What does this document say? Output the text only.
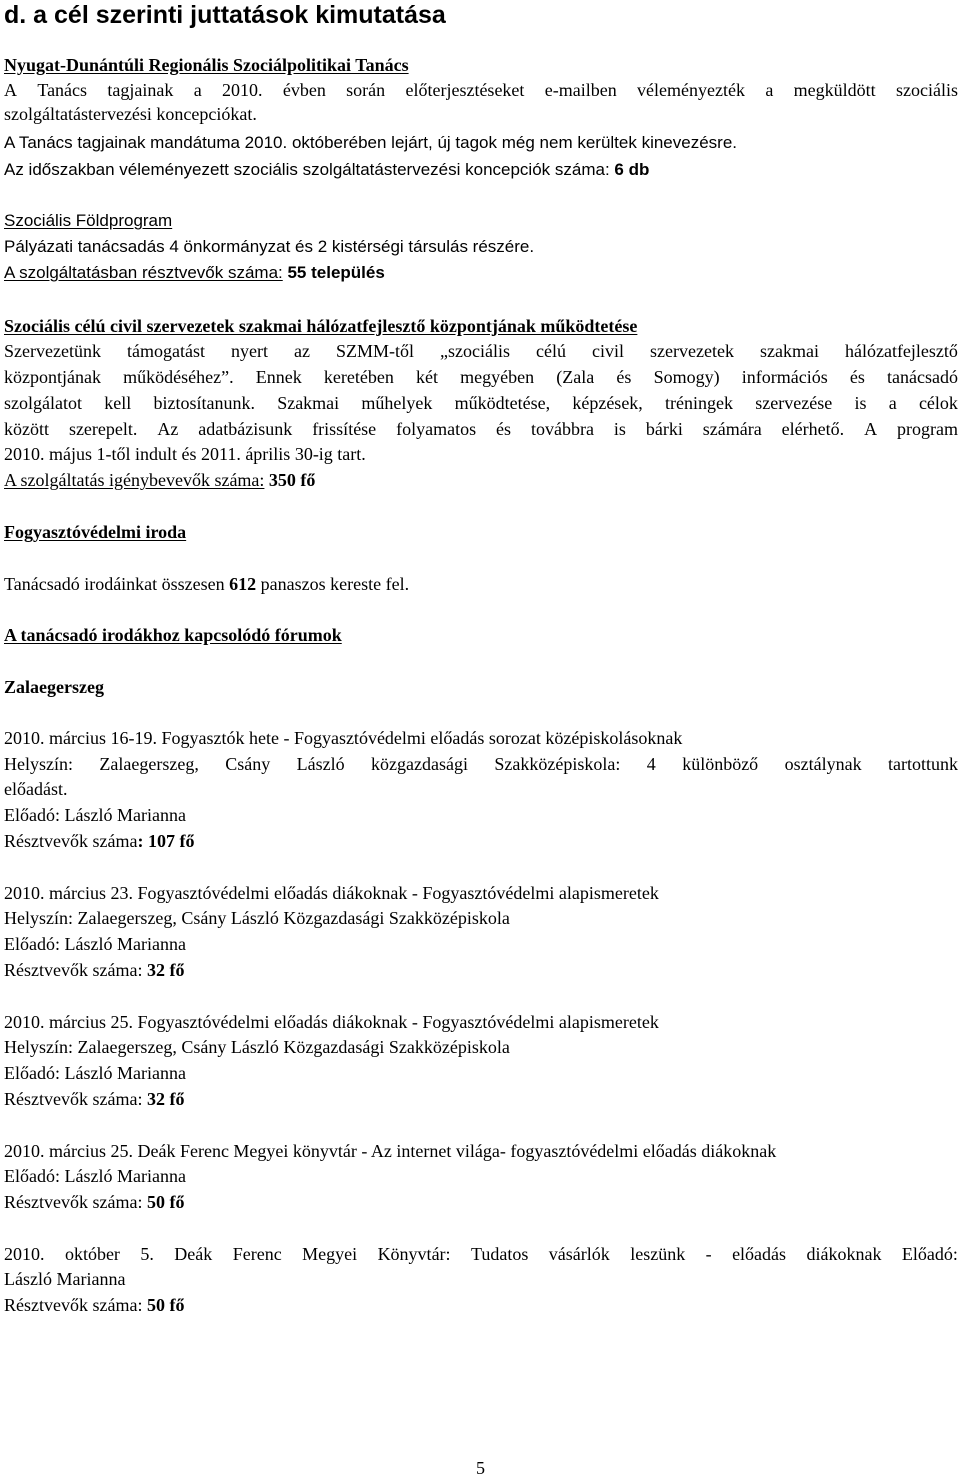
d. a cél szerinti juttatások kimutatása
Nyugat-Dunántúli Regionális Szociálpolitikai Tanács
A Tanács tagjainak a 2010. évben során előterjesztéseket e-mailben véleményezték a megküldött szociális
szolgáltatástervezési koncepciókat.
A Tanács tagjainak mandátuma 2010. októberében lejárt, új tagok még nem kerültek kinevezésre.
Az időszakban véleményezett szociális szolgáltatástervezési koncepciók száma: 6 db
Szociális Földprogram
Pályázati tanácsadás 4 önkormányzat és 2 kistérségi társulás részére.
A szolgáltatásban résztvevők száma: 55 település
Szociális célú civil szervezetek szakmai hálózatfejlesztő központjának működtetése
Szervezetünk támogatást nyert az SZMM-től „szociális célú civil szervezetek szakmai hálózatfejlesztő
központjának működéséhez”. Ennek keretében két megyében (Zala és Somogy) információs és tanácsadó
szolgálatot kell biztosítanunk. Szakmai műhelyek működtetése, képzések, tréningek szervezése is a célok
között szerepelt. Az adatbázisunk frissítése folyamatos és továbbra is bárki számára elérhető. A program
2010. május 1-től indult és 2011. április 30-ig tart.
A szolgáltatás igénybevevők száma: 350 fő
Fogyasztóvédelmi iroda
Tanácsadó irodáinkat összesen 612 panaszos kereste fel.
A tanácsadó irodákhoz kapcsolódó fórumok
Zalaegerszeg
2010. március 16-19. Fogyasztók hete - Fogyasztóvédelmi előadás sorozat középiskolásoknak
Helyszín: Zalaegerszeg, Csány László közgazdasági Szakközépiskola: 4 különböző osztálynak tartottunk
előadást.
Előadó: László Marianna
Résztvevők száma: 107 fő
2010. március 23. Fogyasztóvédelmi előadás diákoknak - Fogyasztóvédelmi alapismeretek
Helyszín: Zalaegerszeg, Csány László Közgazdasági Szakközépiskola
Előadó: László Marianna
Résztvevők száma: 32 fő
2010. március 25. Fogyasztóvédelmi előadás diákoknak - Fogyasztóvédelmi alapismeretek
Helyszín: Zalaegerszeg, Csány László Közgazdasági Szakközépiskola
Előadó: László Marianna
Résztvevők száma: 32 fő
2010. március 25. Deák Ferenc Megyei könyvtár - Az internet világa- fogyasztóvédelmi előadás diákoknak
Előadó: László Marianna
Résztvevők száma: 50 fő
2010. október 5. Deák Ferenc Megyei Könyvtár: Tudatos vásárlók leszünk - előadás diákoknak Előadó:
László Marianna
Résztvevők száma: 50 fő
5
